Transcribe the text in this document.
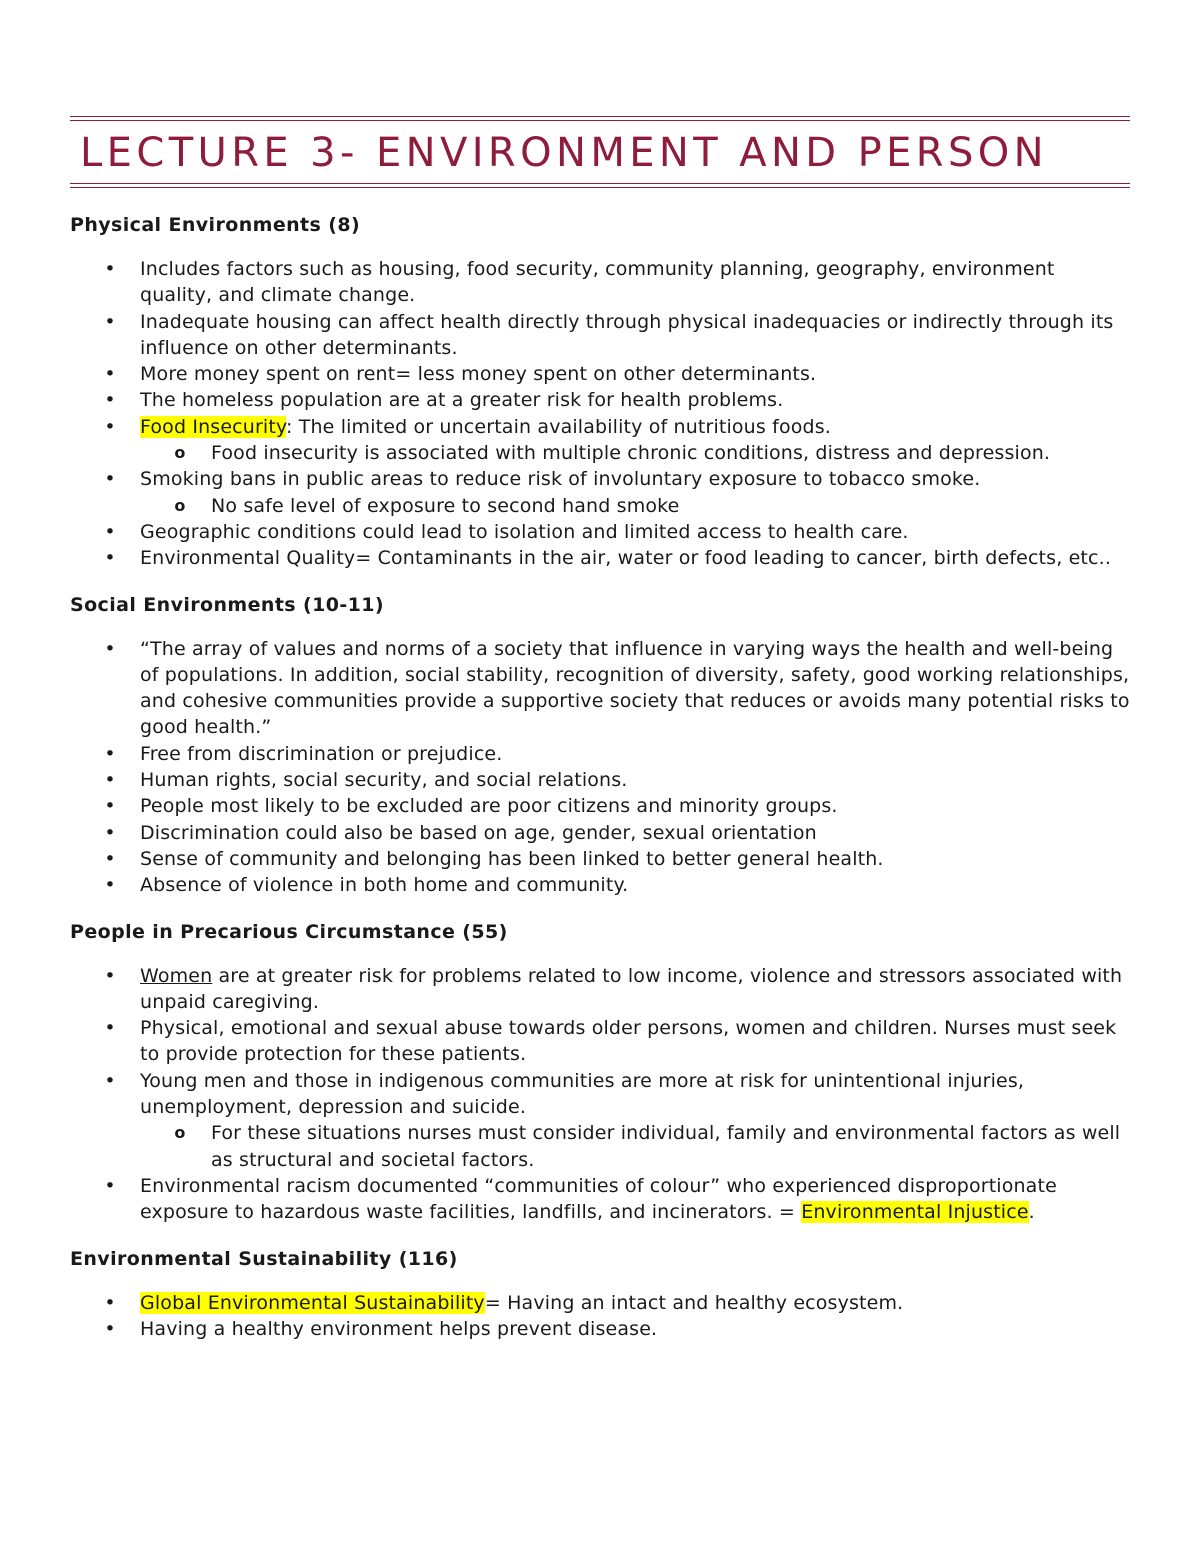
LECTURE 3- ENVIRONMENT AND PERSON
Physical Environments (8)
• Includes factors such as housing, food security, community planning, geography, environment quality, and climate change.
• Inadequate housing can affect health directly through physical inadequacies or indirectly through its influence on other determinants.
• More money spent on rent= less money spent on other determinants.
• The homeless population are at a greater risk for health problems.
• Food Insecurity: The limited or uncertain availability of nutritious foods.
o Food insecurity is associated with multiple chronic conditions, distress and depression.
• Smoking bans in public areas to reduce risk of involuntary exposure to tobacco smoke.
o No safe level of exposure to second hand smoke
• Geographic conditions could lead to isolation and limited access to health care.
• Environmental Quality= Contaminants in the air, water or food leading to cancer, birth defects, etc..
Social Environments (10-11)
• “The array of values and norms of a society that influence in varying ways the health and well-being of populations. In addition, social stability, recognition of diversity, safety, good working relationships, and cohesive communities provide a supportive society that reduces or avoids many potential risks to good health.”
• Free from discrimination or prejudice.
• Human rights, social security, and social relations.
• People most likely to be excluded are poor citizens and minority groups.
• Discrimination could also be based on age, gender, sexual orientation
• Sense of community and belonging has been linked to better general health.
• Absence of violence in both home and community.
People in Precarious Circumstance (55)
• Women are at greater risk for problems related to low income, violence and stressors associated with unpaid caregiving.
• Physical, emotional and sexual abuse towards older persons, women and children. Nurses must seek to provide protection for these patients.
• Young men and those in indigenous communities are more at risk for unintentional injuries, unemployment, depression and suicide.
o For these situations nurses must consider individual, family and environmental factors as well as structural and societal factors.
• Environmental racism documented “communities of colour” who experienced disproportionate exposure to hazardous waste facilities, landfills, and incinerators. = Environmental Injustice.
Environmental Sustainability (116)
• Global Environmental Sustainability= Having an intact and healthy ecosystem.
• Having a healthy environment helps prevent disease.
